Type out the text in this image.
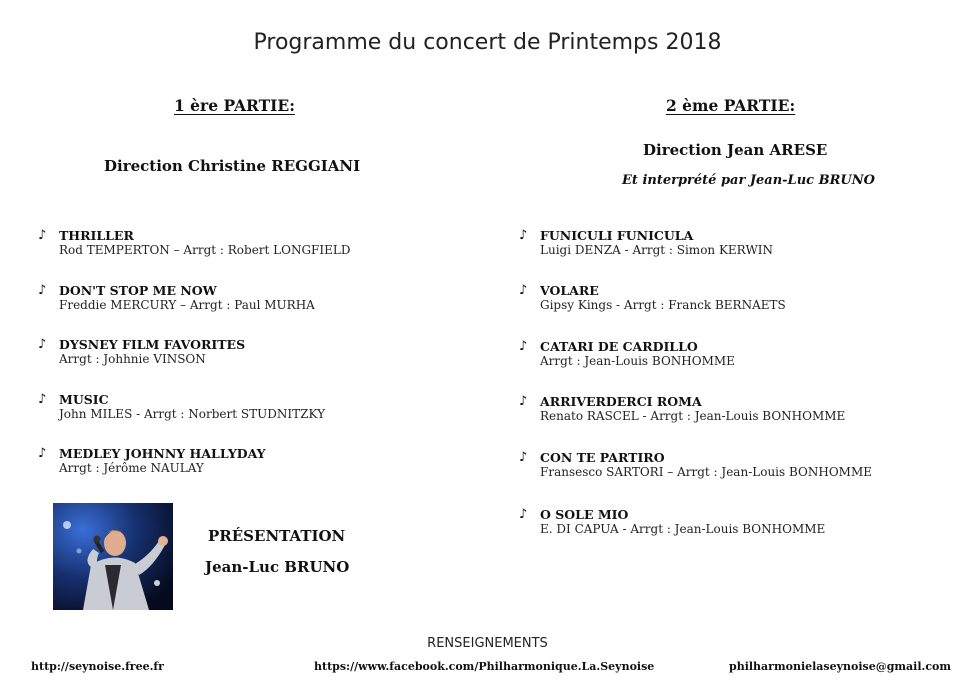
Programme du concert de Printemps 2018
1 ère PARTIE:
Direction Christine REGGIANI
♪ THRILLER
Rod TEMPERTON – Arrgt : Robert LONGFIELD
♪ DON'T STOP ME NOW
Freddie MERCURY – Arrgt : Paul MURHA
♪ DYSNEY FILM FAVORITES
Arrgt : Johhnie VINSON
♪ MUSIC
John MILES - Arrgt : Norbert STUDNITZKY
♪ MEDLEY JOHNNY HALLYDAY
Arrgt : Jérôme NAULAY
2 ème PARTIE:
Direction Jean ARESE
Et interprété par Jean-Luc BRUNO
♪ FUNICULI FUNICULA
Luigi DENZA - Arrgt : Simon KERWIN
♪ VOLARE
Gipsy Kings - Arrgt : Franck BERNAETS
♪ CATARI DE CARDILLO
Arrgt : Jean-Louis BONHOMME
♪ ARRIVERDERCI ROMA
Renato RASCEL - Arrgt : Jean-Louis BONHOMME
♪ CON TE PARTIRO
Fransesco SARTORI – Arrgt : Jean-Louis BONHOMME
♪ O SOLE MIO
E. DI CAPUA - Arrgt : Jean-Louis BONHOMME
PRÉSENTATION
Jean-Luc BRUNO
RENSEIGNEMENTS
http://seynoise.free.fr	https://www.facebook.com/Philharmonique.La.Seynoise	philharmonielaseynoise@gmail.com
